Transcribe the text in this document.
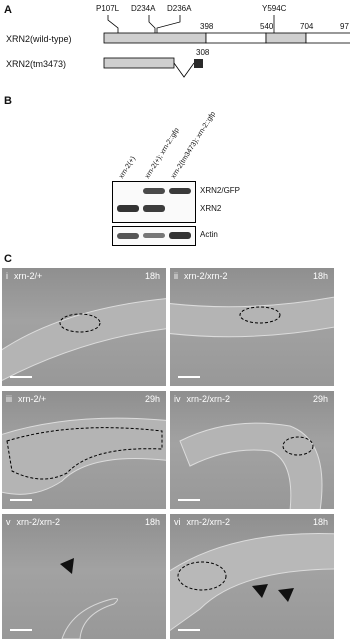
A	P107L D234A D236A	Y594C
398	540	704	97
308
XRN2(wild-type)
XRN2(tm3473)
B
xrn-2(+) xrn-2(+); xrn-2::gfp
xrn-2(tm3473); xrn-2::gfp
XRN2/GFP
XRN2
Actin
C
i xrn-2/+	18h ii xrn-2/xrn-2	18h
iii xrn-2/+	29h iv xrn-2/xrn-2	29h
v xrn-2/xrn-2	18h vi xrn-2/xrn-2	18h
